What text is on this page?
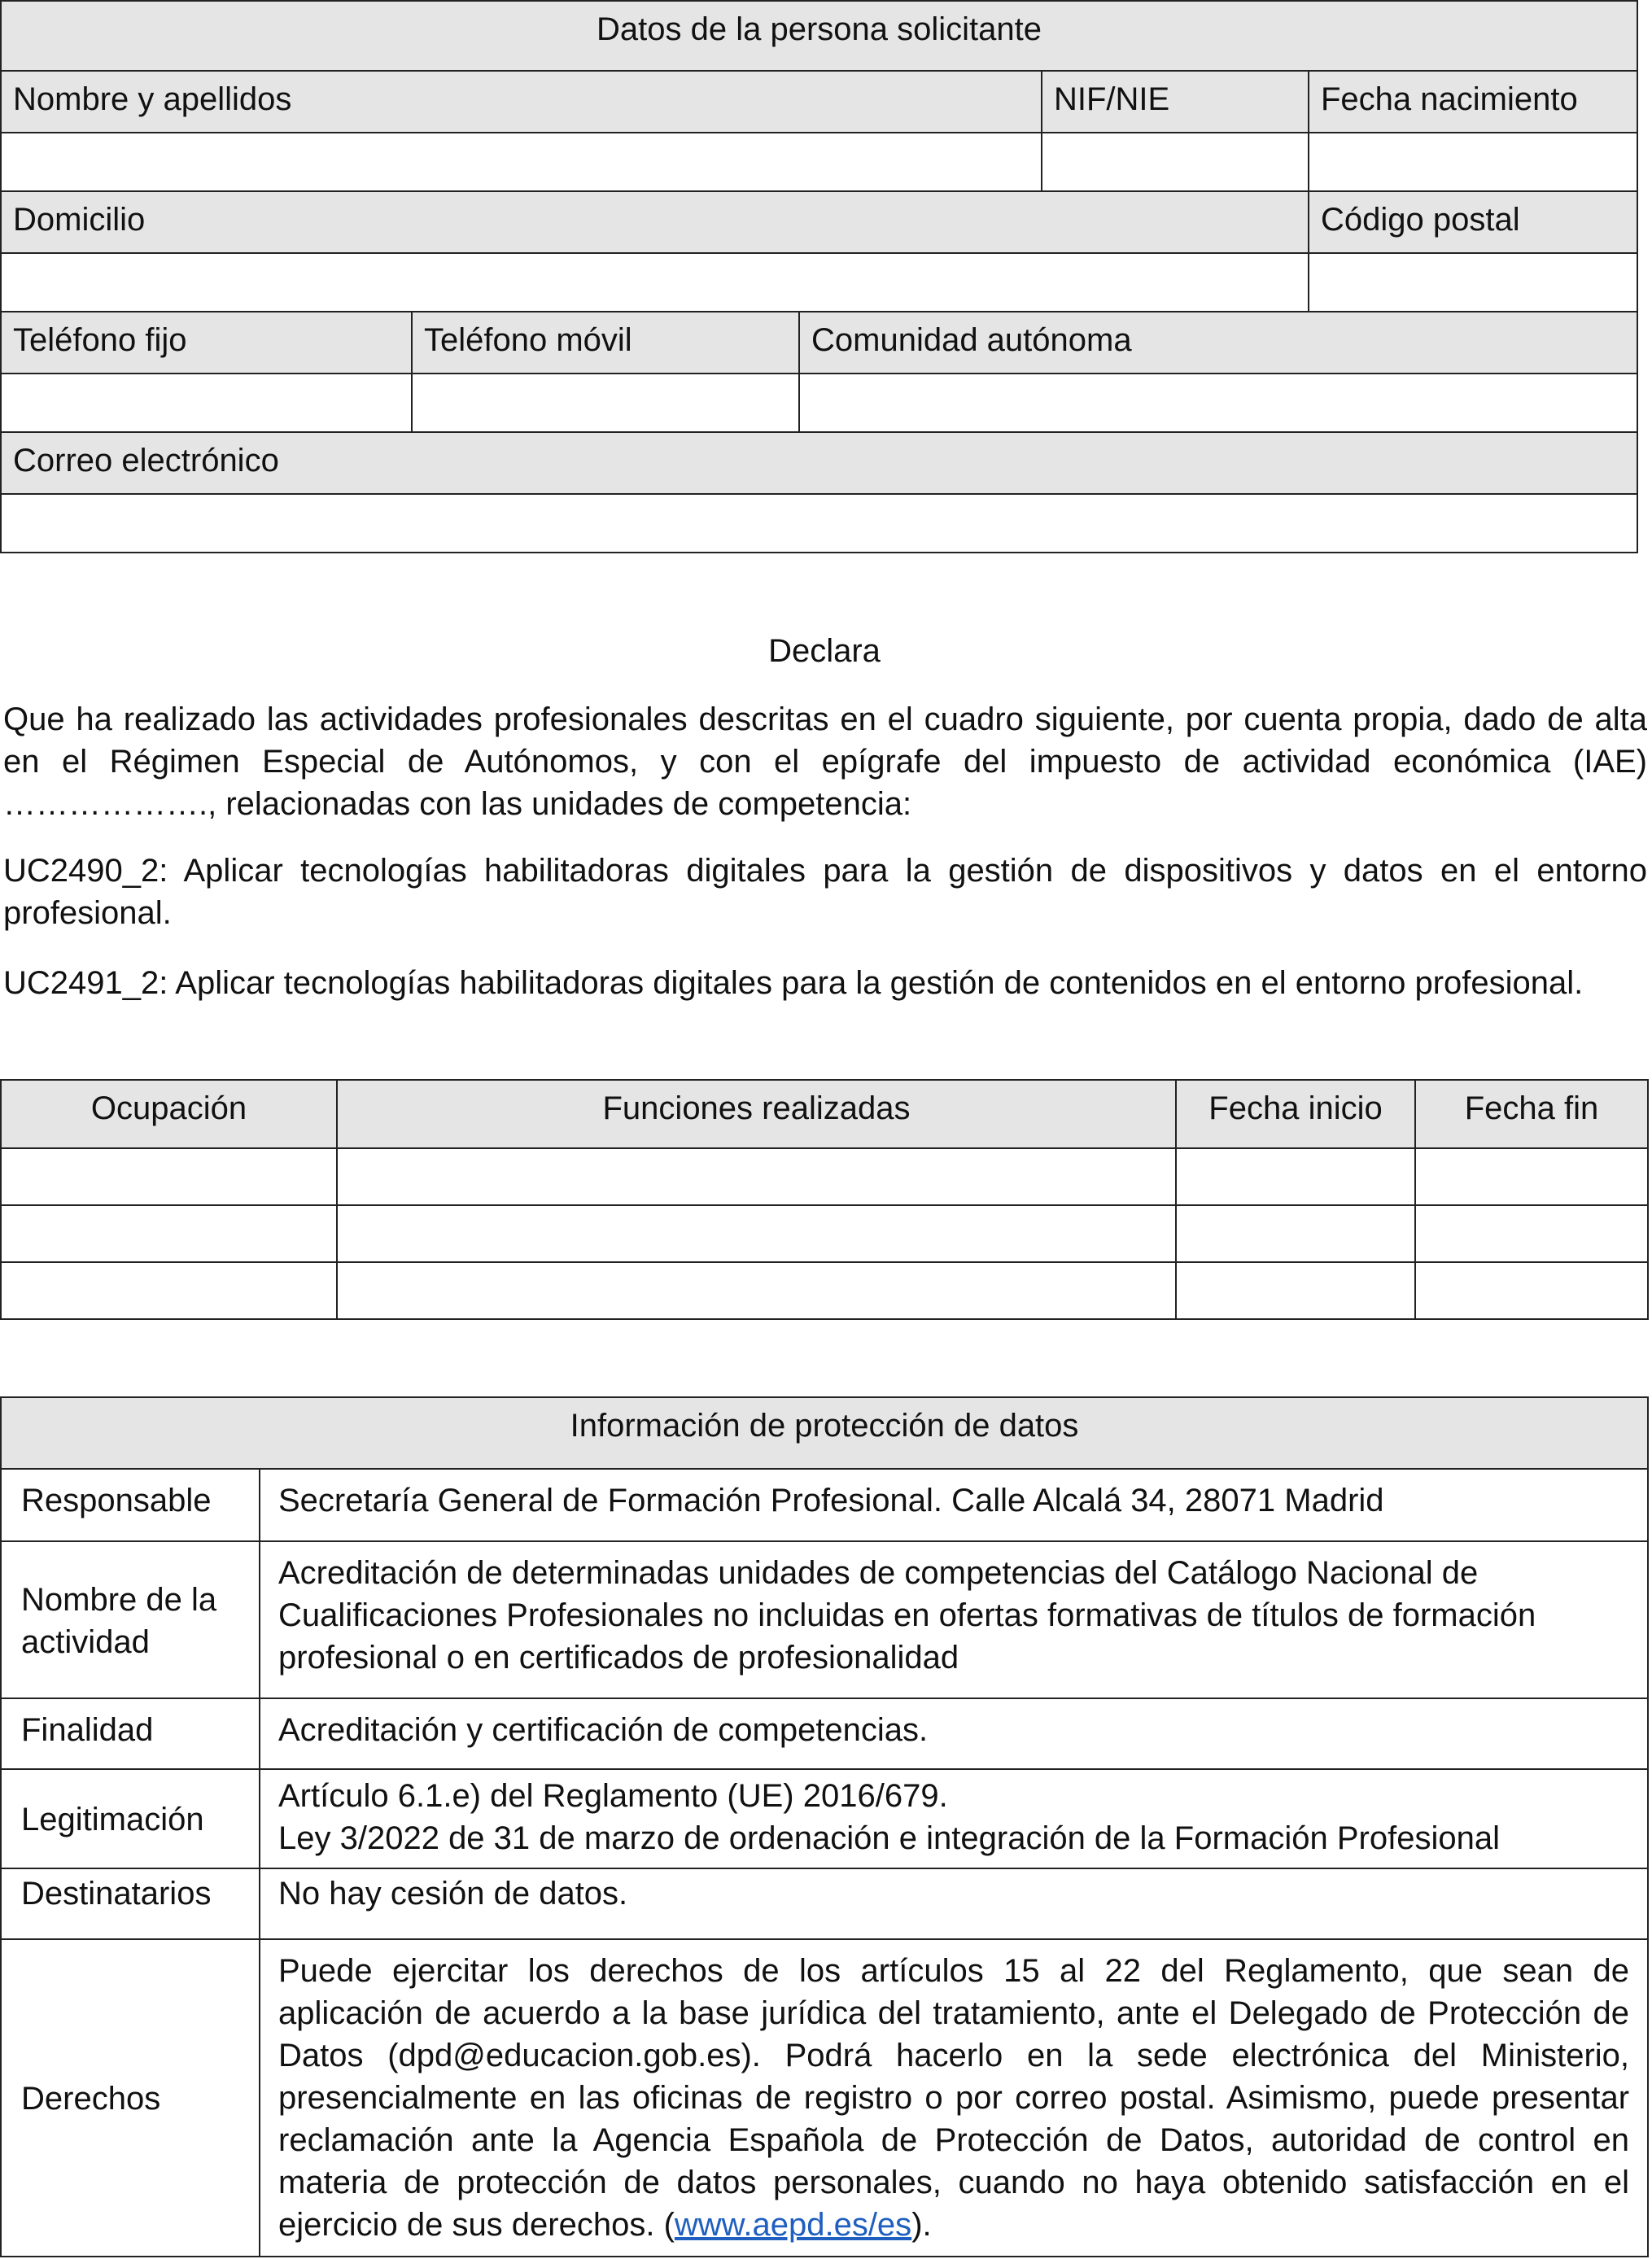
Datos de la persona solicitante				
Nombre y apellidos			NIF/NIE	Fecha nacimiento

Domicilio				Código postal

Teléfono fijo	Teléfono móvil	Comunidad autónoma		

Correo electrónico				

Declara

Que ha realizado las actividades profesionales descritas en el cuadro siguiente, por cuenta propia, dado de alta en el Régimen Especial de Autónomos, y con el epígrafe del impuesto de actividad económica (IAE) ………………., relacionadas con las unidades de competencia:

UC2490_2: Aplicar tecnologías habilitadoras digitales para la gestión de dispositivos y datos en el entorno profesional.

UC2491_2: Aplicar tecnologías habilitadoras digitales para la gestión de contenidos en el entorno profesional.

Ocupación	Funciones realizadas	Fecha inicio	Fecha fin

Información de protección de datos	
Responsable	Secretaría General de Formación Profesional. Calle Alcalá 34, 28071 Madrid
Nombre de la actividad	Acreditación de determinadas unidades de competencias del Catálogo Nacional de Cualificaciones Profesionales no incluidas en ofertas formativas de títulos de formación profesional o en certificados de profesionalidad
Finalidad	Acreditación y certificación de competencias.
Legitimación	Artículo 6.1.e) del Reglamento (UE) 2016/679.
Ley 3/2022 de 31 de marzo de ordenación e integración de la Formación Profesional

Destinatarios	No hay cesión de datos.
Derechos	Puede ejercitar los derechos de los artículos 15 al 22 del Reglamento, que sean de aplicación de acuerdo a la base jurídica del tratamiento, ante el Delegado de Protección de Datos (dpd@educacion.gob.es). Podrá hacerlo en la sede electrónica del Ministerio, presencialmente en las oficinas de registro o por correo postal. Asimismo, puede presentar reclamación ante la Agencia Española de Protección de Datos, autoridad de control en materia de protección de datos personales, cuando no haya obtenido satisfacción en el ejercicio de sus derechos. (www.aepd.es/es).
